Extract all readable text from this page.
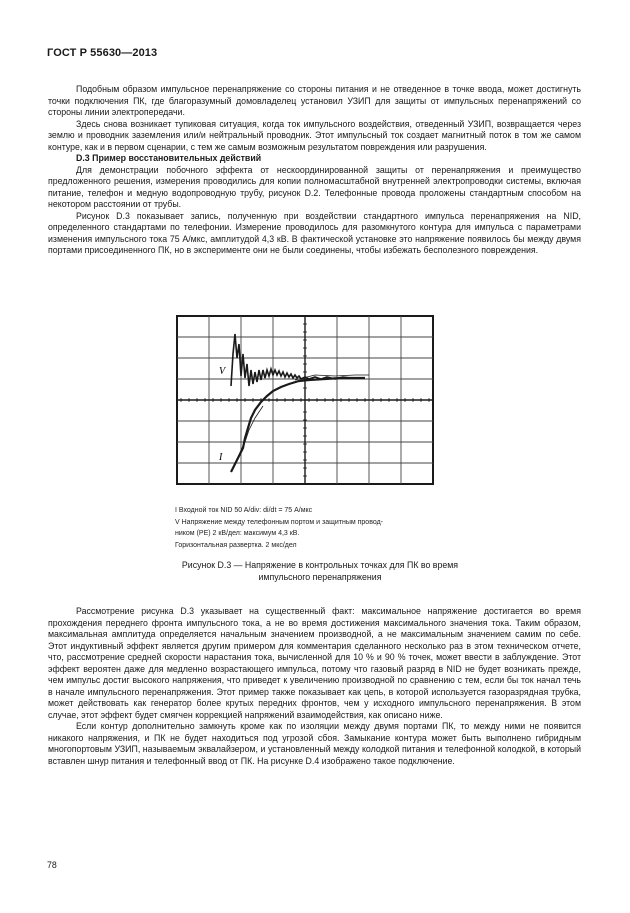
ГОСТ Р 55630—2013

Подобным образом импульсное перенапряжение со стороны питания и не отведенное в точке ввода, может достигнуть точки подключения ПК, где благоразумный домовладелец установил УЗИП для защиты от импульсных перенапряжений со стороны линии электропередачи.

Здесь снова возникает тупиковая ситуация, когда ток импульсного воздействия, отведенный УЗИП, возвращается через землю и проводник заземления или/и нейтральный проводник. Этот импульсный ток создает магнитный поток в том же самом контуре, как и в первом сценарии, с тем же самым возможным результатом повреждения или разрушения.

D.3 Пример восстановительных действий

Для демонстрации побочного эффекта от нескоординированной защиты от перенапряжения и преимущество предложенного решения, измерения проводились для копии полномасштабной внутренней электропроводки системы, включая питание, телефон и медную водопроводную трубу, рисунок D.2. Телефонные провода проложены стандартным способом на некотором расстоянии от трубы.

Рисунок D.3 показывает запись, полученную при воздействии стандартного импульса перенапряжения на NID, определенного стандартами по телефонии. Измерение проводилось для разомкнутого контура для импульса с параметрами изменения импульсного тока 75 А/мкс, амплитудой 4,3 кВ. В фактической установке это напряжение появилось бы между двумя портами присоединенного ПК, но в эксперименте они не были соединены, чтобы избежать бесполезного повреждения.

V
I
I Входной ток NID 50 A/div: di/dt = 75 А/мкс
V Напряжение между телефонным портом и защитным провод-
ником (PE) 2 кВ/дел: максимум 4,3 кВ.
Горизонтальная развертка. 2 мкс/дел
Рисунок D.3 — Напряжение в контрольных точках для ПК во время
импульсного перенапряжения

Рассмотрение рисунка D.3 указывает на существенный факт: максимальное напряжение достигается во время прохождения переднего фронта импульсного тока, а не во время достижения максимального значения тока. Таким образом, максимальная амплитуда определяется начальным значением производной, а не максимальным значением самим по себе. Этот индуктивный эффект является другим примером для комментария сделанного несколько раз в этом техническом отчете, что, рассмотрение средней скорости нарастания тока, вычисленной для 10 % и 90 % точек, может ввести в заблуждение. Этот эффект вероятен даже для медленно возрастающего импульса, потому что газовый разряд в NID не будет возникать прежде, чем импульс достиг высокого напряжения, что приведет к увеличению производной по сравнению с тем, если бы ток начал течь в начале импульсного перенапряжения. Этот пример также показывает как цепь, в которой используется газоразрядная трубка, может действовать как генератор более крутых передних фронтов, чем у исходного импульсного перенапряжения. В этом случае, этот эффект будет смягчен коррекцией напряжений взаимодействия, как описано ниже.

Если контур дополнительно замкнуть кроме как по изоляции между двумя портами ПК, то между ними не появится никакого напряжения, и ПК не будет находиться под угрозой сбоя. Замыкание контура может быть выполнено гибридным многопортовым УЗИП, называемым эквалайзером, и установленный между колодкой питания и телефонной колодкой, в который вставлен шнур питания и телефонный ввод от ПК. На рисунке D.4 изображено такое подключение.

78
